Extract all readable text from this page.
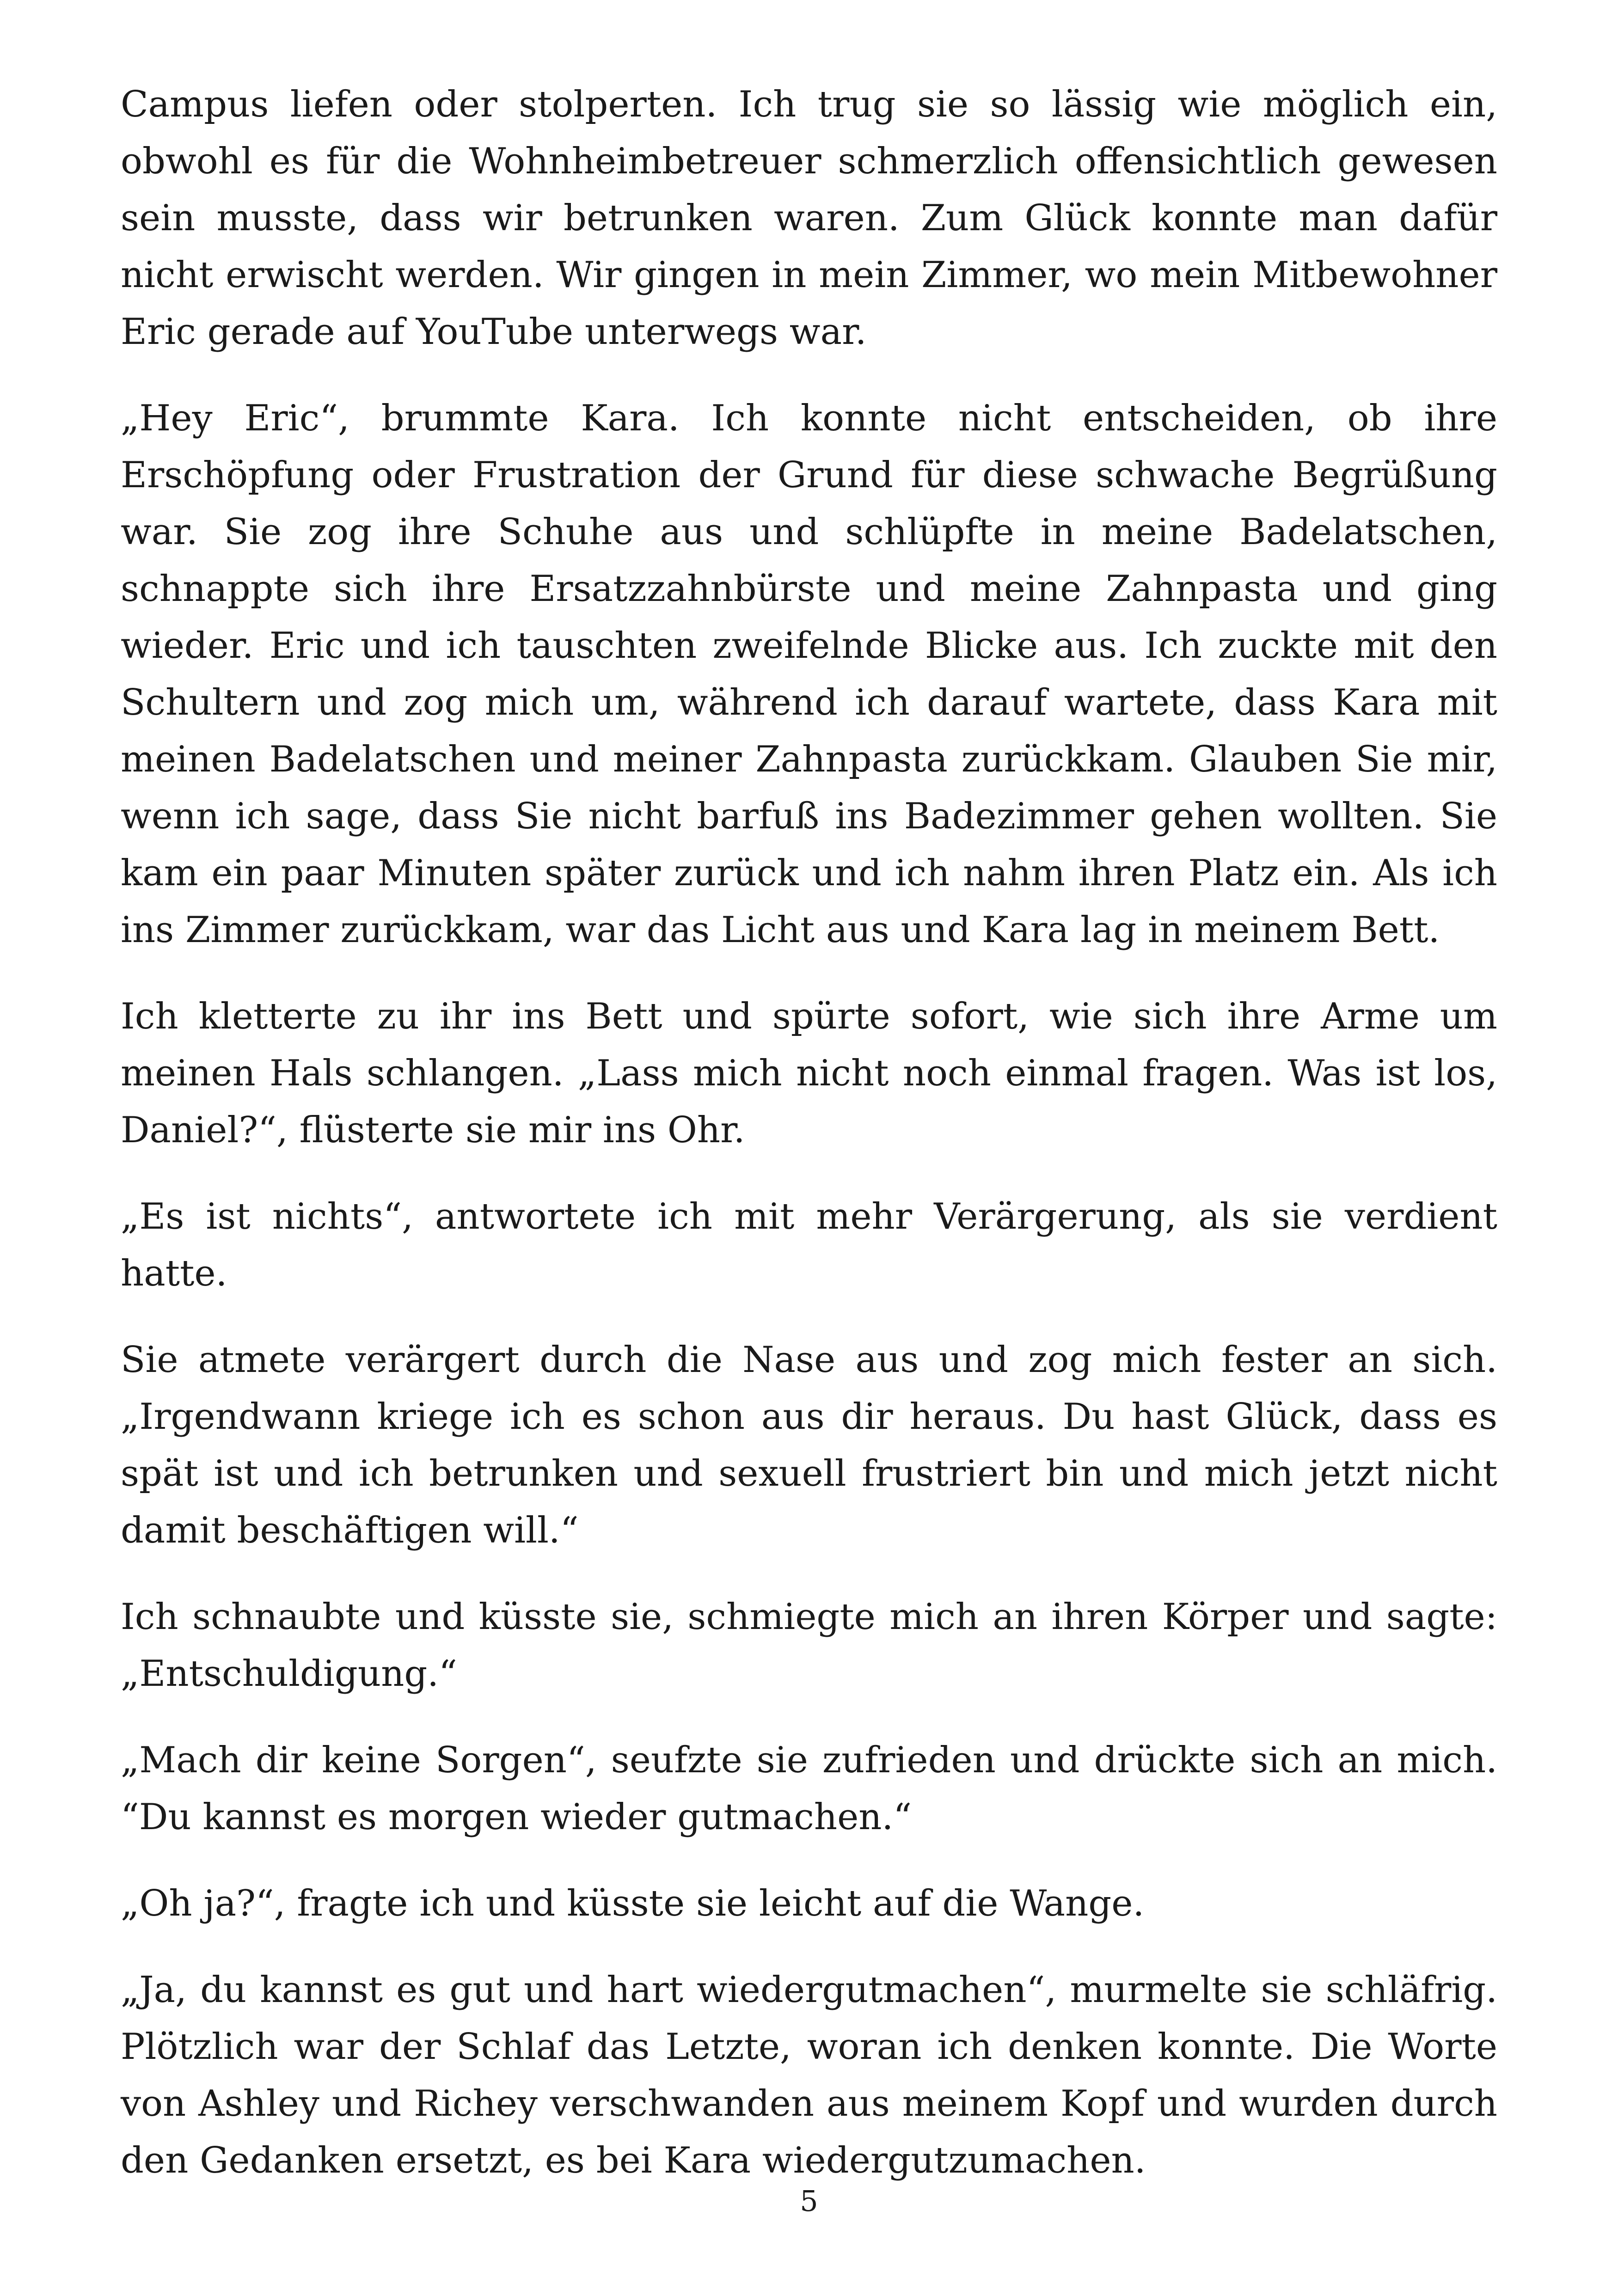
Campus liefen oder stolperten. Ich trug sie so lässig wie möglich ein, obwohl es für die Wohnheimbetreuer schmerzlich offensichtlich gewesen sein musste, dass wir betrunken waren. Zum Glück konnte man dafür nicht erwischt werden. Wir gingen in mein Zimmer, wo mein Mitbewohner Eric gerade auf YouTube unterwegs war.

„Hey Eric“, brummte Kara. Ich konnte nicht entscheiden, ob ihre Erschöpfung oder Frustration der Grund für diese schwache Begrüßung war. Sie zog ihre Schuhe aus und schlüpfte in meine Badelatschen, schnappte sich ihre Ersatzzahnbürste und meine Zahnpasta und ging wieder. Eric und ich tauschten zweifelnde Blicke aus. Ich zuckte mit den Schultern und zog mich um, während ich darauf wartete, dass Kara mit meinen Badelatschen und meiner Zahnpasta zurückkam. Glauben Sie mir, wenn ich sage, dass Sie nicht barfuß ins Badezimmer gehen wollten. Sie kam ein paar Minuten später zurück und ich nahm ihren Platz ein. Als ich ins Zimmer zurückkam, war das Licht aus und Kara lag in meinem Bett.

Ich kletterte zu ihr ins Bett und spürte sofort, wie sich ihre Arme um meinen Hals schlangen. „Lass mich nicht noch einmal fragen. Was ist los, Daniel?“, flüsterte sie mir ins Ohr.

„Es ist nichts“, antwortete ich mit mehr Verärgerung, als sie verdient hatte.

Sie atmete verärgert durch die Nase aus und zog mich fester an sich. „Irgendwann kriege ich es schon aus dir heraus. Du hast Glück, dass es spät ist und ich betrunken und sexuell frustriert bin und mich jetzt nicht damit beschäftigen will.“

Ich schnaubte und küsste sie, schmiegte mich an ihren Körper und sagte: „Entschuldigung.“

„Mach dir keine Sorgen“, seufzte sie zufrieden und drückte sich an mich. “Du kannst es morgen wieder gutmachen.“

„Oh ja?“, fragte ich und küsste sie leicht auf die Wange.

„Ja, du kannst es gut und hart wiedergutmachen“, murmelte sie schläfrig. Plötzlich war der Schlaf das Letzte, woran ich denken konnte. Die Worte von Ashley und Richey verschwanden aus meinem Kopf und wurden durch den Gedanken ersetzt, es bei Kara wiedergutzumachen.

5
